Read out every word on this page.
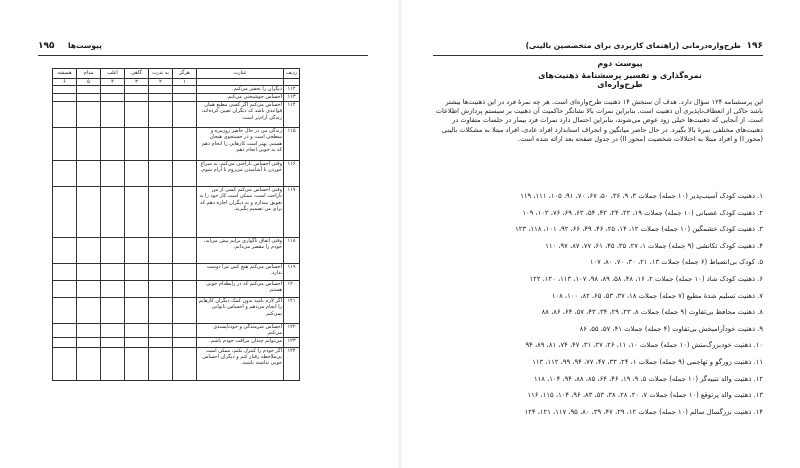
پیوست‌ها
۱۹۵
ردیف	عبارت	هرگز	به ندرت	گاهی	اغلب	مدام	همیشه
		۱	۲	۳	۴	۵	۶
۱۱۲	دیگران را تحقیر می‌کنم.						
۱۱۳	احساس خوشبختی می‌کنم.						
۱۱۴	احساس می‌کنم اگر کسی مطیع همان قواعدی باشد که دیگران تعیین کرده‌اند، زندگی آرام‌تر است.						
۱۱۵	زندگی من در حال حاضر روزمره و سطحی است و در جستجوی هیجان هستم. بهتر است کارهایی را انجام دهم که به خوبی انجام دهم.						
۱۱۶	وقتی احساس ناراحتی می‌کنم، به سراغ خوردن یا آشامیدن می‌روم تا آرام شوم.						
۱۱۷	وقتی احساس می‌کنم کسی از من ناراحت است، ممکن است کار خود را به تعویق بیندازم و به دیگران اجازه دهم که برای من تصمیم بگیرند.						
۱۱۸	وقتی اتفاق ناگواری برایم پیش می‌آید، خودم را مقصر می‌دانم.						
۱۱۹	احساس می‌کنم هیچ کس مرا دوست ندارد.						
۱۲۰	احساس می‌کنم که در رابطه‌ام خوبی هستم.						
۱۲۱	اگر لازم باشد بدون کمک دیگران کارهایم را انجام می‌دهم و احساس ناتوانی نمی‌کنم.						
۱۲۲	احساس شرمندگی و خودناپسندی می‌کنم.						
۱۲۳	می‌توانم چندان مراقب خودم باشم.						
۱۲۴	اگر خودم را کنترل نکنم، ممکن است بی‌ملاحظه رفتار کنم و دیگران احساس خوبی نداشته باشند.						
۱۹۶
طرح‌واره‌درمانی (راهنمای کاربردی برای متخصصین بالینی)
پیوست دوم
نمره‌گذاری و تفسیر پرسشنامهٔ ذهنیت‌های طرح‌واره‌ای
این پرسشنامه ۱۲۴ سؤال دارد. هدف آن سنجش ۱۴ ذهنیت طرح‌واره‌ای است. هر چه نمرهٔ فرد در این ذهنیت‌ها بیشتر باشد حاکی از انعطاف‌ناپذیری آن ذهنیت است. بنابراین نمرات بالا نشانگر حاکمیت آن ذهنیت بر سیستم پردازش اطلاعات است. از آنجایی که ذهنیت‌ها خیلی زود عوض می‌شوند، بنابراین احتمال دارد نمرات فرد بیمار در جلسات متفاوت در ذهنیت‌های مختلفی نمرهٔ بالا بگیرد. در حال حاضر میانگین و انحراف استاندارد افراد عادی، افراد مبتلا به مشکلات بالینی (محور I) و افراد مبتلا به اختلالات شخصیت (محور II) در جدول صفحه بعد ارائه شده است.
۱. ذهنیت کودک آسیب‌پذیر (۱۰ جمله) جملات ۳، ۹، ۳۶، ۵۰، ۶۷، ۷۰، ۹۱، ۱۰۵، ۱۱۱، ۱۱۹
۲. ذهنیت کودک عصبانی (۱۰ جمله) جملات ۱۹، ۲۲، ۲۴، ۴۲، ۵۴، ۶۳، ۶۹، ۷۶، ۱۰۳، ۱۰۹
۳. ذهنیت کودک خشمگین (۱۰ جمله) جملات ۱۲، ۱۴، ۲۵، ۴۶، ۴۹، ۶۶، ۹۲، ۱۰۱، ۱۱۸، ۱۲۳
۴. ذهنیت کودک تکانشی (۹ جمله) جملات ۱، ۲۷، ۳۵، ۴۵، ۶۱، ۷۷، ۸۷، ۹۷، ۱۱۰
۵. کودک بی‌انضباط (۶ جمله) جملات ۱۳، ۲۱، ۳۰، ۷۰، ۸۰، ۱۰۷
۶. ذهنیت کودک شاد (۱۰ جمله) جملات ۲، ۱۶، ۴۸، ۵۸، ۸۹، ۹۸، ۱۰۷، ۱۱۳، ۱۲۰، ۱۲۲
۷. ذهنیت تسلیم شدهٔ مطیع (۷ جمله) جملات ۱۸، ۳۷، ۵۳، ۶۵، ۸۲، ۱۰۰، ۱۰۸
۸. ذهنیت محافظ بی‌تفاوت (۹ جمله) جملات ۸، ۲۳، ۲۹، ۳۴، ۴۳، ۵۷، ۶۴، ۸۶، ۸۸
۹. ذهنیت خودآرامبخش بی‌تفاوت (۴ جمله) جملات ۴۱، ۵۷، ۵۵، ۸۶
۱۰. ذهنیت خودبزرگ‌منش (۱۰ جمله) جملات ۱۰، ۱۱، ۲۶، ۲۷، ۳۱، ۴۷، ۷۴، ۸۱، ۸۹، ۹۴
۱۱. ذهنیت زورگو و تهاجمی (۹ جمله) جملات ۱، ۲۴، ۳۳، ۴۷، ۷۷، ۹۴، ۹۹، ۱۱۲، ۱۱۳
۱۲. ذهنیت والد تنبیه‌گر (۱۰ جمله) جملات ۵، ۹، ۱۹، ۴۶، ۶۴، ۸۵، ۸۸، ۹۴، ۱۰۴، ۱۱۸
۱۳. ذهنیت والد پرتوقع (۱۰ جمله) جملات ۷، ۲۰، ۲۸، ۳۸، ۵۳، ۸۳، ۹۶، ۱۰۴، ۱۱۵، ۱۱۶
۱۴. ذهنیت بزرگسال سالم (۱۰ جمله) جملات ۱۲، ۲۹، ۴۷، ۳۹، ۸۰، ۹۵، ۱۱۷، ۱۲۱، ۱۲۴
